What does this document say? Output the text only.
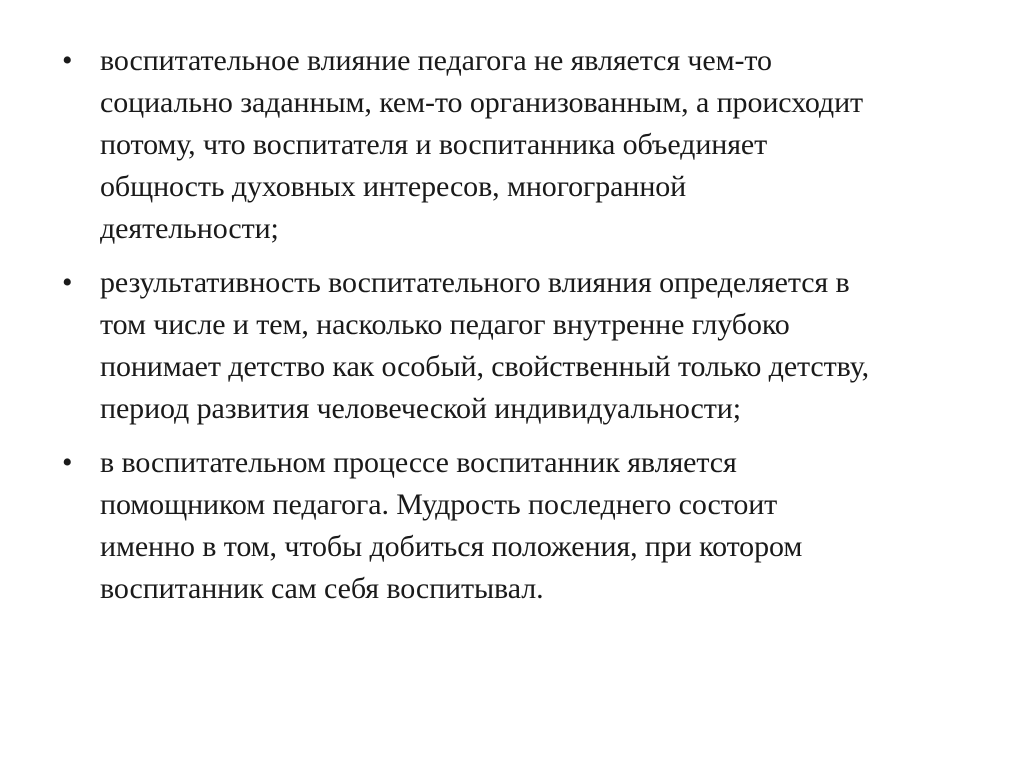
• воспитательное влияние педагога не является чем-то
социально заданным, кем-то организованным, а происходит
потому, что воспитателя и воспитанника объединяет
общность духовных интересов, многогранной
деятельности;
• результативность воспитательного влияния определяется в
том числе и тем, насколько педагог внутренне глубоко
понимает детство как особый, свойственный только детству,
период развития человеческой индивидуальности;
• в воспитательном процессе воспитанник является
помощником педагога. Мудрость последнего состоит
именно в том, чтобы добиться положения, при котором
воспитанник сам себя воспитывал.
